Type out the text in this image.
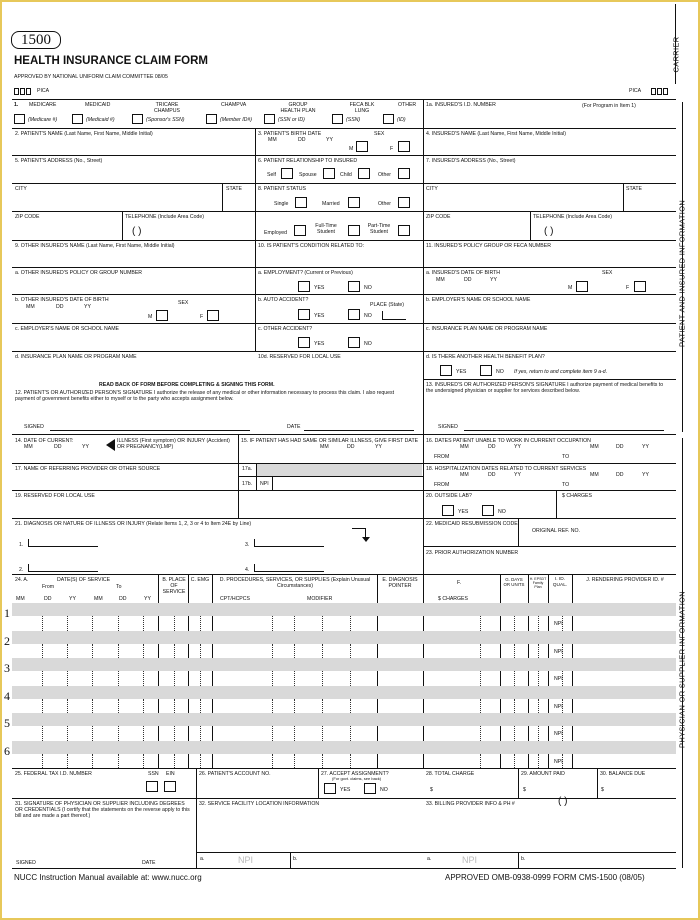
1500
HEALTH INSURANCE CLAIM FORM
APPROVED BY NATIONAL UNIFORM CLAIM COMMITTEE 08/05
CARRIER
PICA	PICA
PATIENT AND INSURED INFORMATION
PHYSICIAN OR SUPPLIER INFORMATION
1. MEDICARE	MEDICAID	TRICARE CHAMPUS
CHAMPVA	GROUP HEALTH PLAN
FECA BLK LUNG
OTHER
(Medicare #)	(Medicaid #)	(Sponsor's SSN)	(Member ID#)	(SSN or ID)	(SSN)	(ID)
1a. INSURED'S I.D. NUMBER	(For Program in Item 1)
2. PATIENT'S NAME (Last Name, First Name, Middle Initial)	3. PATIENT'S BIRTH DATE	SEX
MM	DD	YY
M	F
4. INSURED'S NAME (Last Name, First Name, Middle Initial)
5. PATIENT'S ADDRESS (No., Street)	6. PATIENT RELATIONSHIP TO INSURED
Self	Spouse	Child	Other
7. INSURED'S ADDRESS (No., Street)
CITY	STATE	8. PATIENT STATUS
Single	Married	Other
CITY	STATE
ZIP CODE	TELEPHONE (Include Area Code)
( )	Employed
Full-Time Student
Part-Time Student
ZIP CODE	TELEPHONE (Include Area Code)
( )
9. OTHER INSURED'S NAME (Last Name, First Name, Middle Initial)	10. IS PATIENT'S CONDITION RELATED TO:	11. INSURED'S POLICY GROUP OR FECA NUMBER
a. OTHER INSURED'S POLICY OR GROUP NUMBER	a. EMPLOYMENT? (Current or Previous)
YES	NO
a. INSURED'S DATE OF BIRTH	SEX
MM	DD	YY
M	F
b. OTHER INSURED'S DATE OF BIRTH	SEX
MM	DD	YY
M	F
b. AUTO ACCIDENT?
PLACE (State)
YES	NO
b. EMPLOYER'S NAME OR SCHOOL NAME
c. EMPLOYER'S NAME OR SCHOOL NAME	c. OTHER ACCIDENT?
YES	NO
c. INSURANCE PLAN NAME OR PROGRAM NAME
d. INSURANCE PLAN NAME OR PROGRAM NAME	10d. RESERVED FOR LOCAL USE	d. IS THERE ANOTHER HEALTH BENEFIT PLAN?
YES	NO If yes, return to and complete item 9 a-d.
READ BACK OF FORM BEFORE COMPLETING & SIGNING THIS FORM.
12. PATIENT'S OR AUTHORIZED PERSON'S SIGNATURE I authorize the release of any medical or other information necessary to process this claim. I also request payment of government benefits either to myself or to the party who accepts assignment below.
SIGNED	DATE
13. INSURED'S OR AUTHORIZED PERSON'S SIGNATURE I authorize payment of medical benefits to the undersigned physician or supplier for services described below.
SIGNED
14. DATE OF CURRENT:
MM	DD	YY
ILLNESS (First symptom) OR INJURY (Accident) OR PREGNANCY(LMP)
15. IF PATIENT HAS HAD SAME OR SIMILAR ILLNESS, GIVE FIRST DATE
MM	DD	YY
16. DATES PATIENT UNABLE TO WORK IN CURRENT OCCUPATION
MM	DD	YY	MM	DD	YY
FROM	TO
17. NAME OF REFERRING PROVIDER OR OTHER SOURCE	17a.
17b. NPI
18. HOSPITALIZATION DATES RELATED TO CURRENT SERVICES
MM	DD	YY	MM	DD	YY
FROM	TO
19. RESERVED FOR LOCAL USE	20. OUTSIDE LAB?	$ CHARGES
YES	NO
21. DIAGNOSIS OR NATURE OF ILLNESS OR INJURY (Relate Items 1, 2, 3 or 4 to Item 24E by Line)
1.	3.
2.	4.
22. MEDICAID RESUBMISSION CODE
ORIGINAL REF. NO.
23. PRIOR AUTHORIZATION NUMBER
24. A.	DATE(S) OF SERVICE
From	To
MM	DD	YY	MM	DD	YY
B. PLACE OF SERVICE
C. EMG	D. PROCEDURES, SERVICES, OR SUPPLIES (Explain Unusual Circumstances)
CPT/HCPCS	MODIFIER
E. DIAGNOSIS POINTER	F.
$ CHARGES
G. DAYS OR UNITS
H. EPSDT Family Plan
I. ID. QUAL.
J. RENDERING PROVIDER ID. #
1
NPI
2
NPI
3
NPI
4
NPI
5
NPI
6
NPI
25. FEDERAL TAX I.D. NUMBER	SSN EIN	26. PATIENT'S ACCOUNT NO.	27. ACCEPT ASSIGNMENT?
(For govt. claims, see back)
YES	NO
28. TOTAL CHARGE
$
29. AMOUNT PAID
$
30. BALANCE DUE
$
31. SIGNATURE OF PHYSICIAN OR SUPPLIER INCLUDING DEGREES OR CREDENTIALS (I certify that the statements on the reverse apply to this bill and are made a part thereof.)
SIGNED	DATE
32. SERVICE FACILITY LOCATION INFORMATION
a.	NPI	b.
33. BILLING PROVIDER INFO & PH #	( )
a.	NPI	b.
NUCC Instruction Manual available at: www.nucc.org	APPROVED OMB-0938-0999 FORM CMS-1500 (08/05)
